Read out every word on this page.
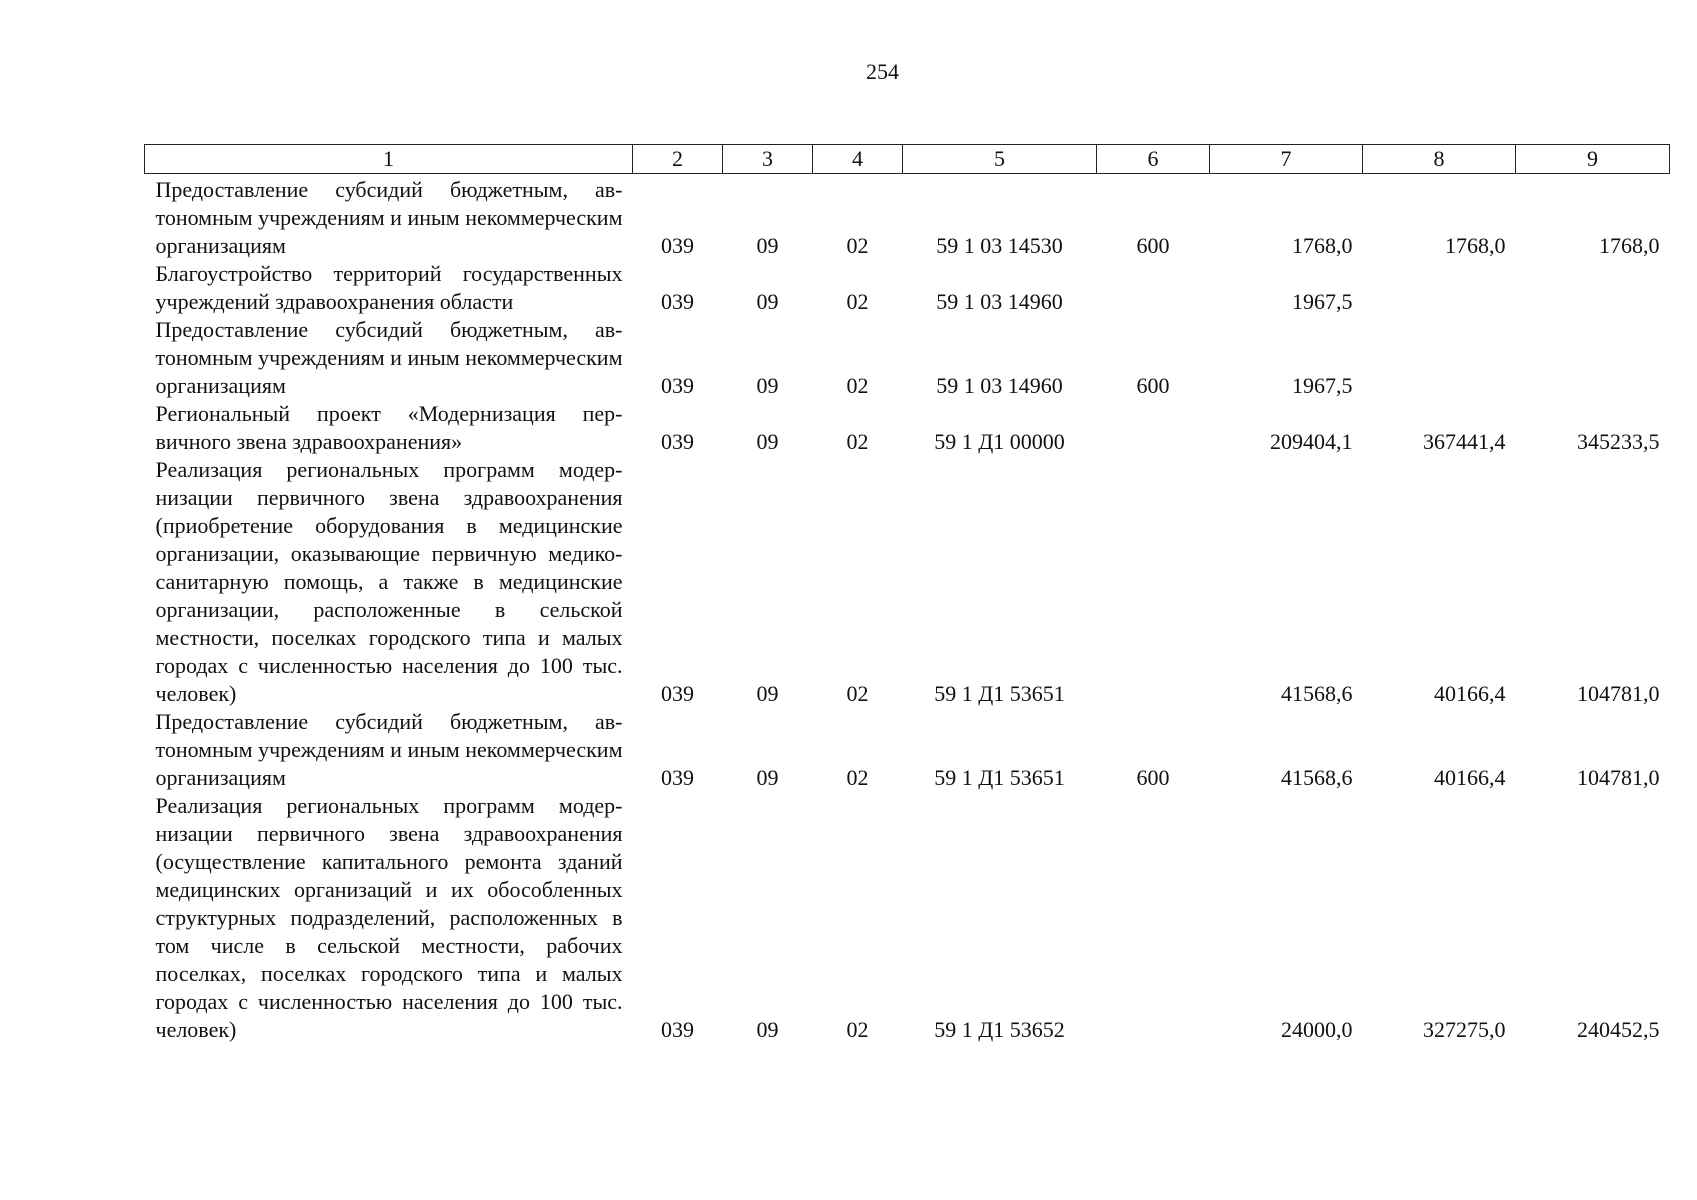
254
1	2	3	4	5	6	7	8	9
Предоставление субсидий бюджетным, автономным учреждениям и иным некоммерческим организациям	039	09	02	59 1 03 14530	600	1768,0	1768,0	1768,0
Благоустройство территорий государственных учреждений здравоохранения области	039	09	02	59 1 03 14960		1967,5		
Предоставление субсидий бюджетным, автономным учреждениям и иным некоммерческим организациям	039	09	02	59 1 03 14960	600	1967,5		
Региональный проект «Модернизация первичного звена здравоохранения»	039	09	02	59 1 Д1 00000		209404,1	367441,4	345233,5
Реализация региональных программ модернизации первичного звена здравоохранения (приобретение оборудования в медицинские организации, оказывающие первичную медико-санитарную помощь, а также в медицинские организации, расположенные в сельской местности, поселках городского типа и малых городах с численностью населения до 100 тыс. человек)	039	09	02	59 1 Д1 53651		41568,6	40166,4	104781,0
Предоставление субсидий бюджетным, автономным учреждениям и иным некоммерческим организациям	039	09	02	59 1 Д1 53651	600	41568,6	40166,4	104781,0
Реализация региональных программ модернизации первичного звена здравоохранения (осуществление капитального ремонта зданий медицинских организаций и их обособленных структурных подразделений, расположенных в том числе в сельской местности, рабочих поселках, поселках городского типа и малых городах с численностью населения до 100 тыс. человек)	039	09	02	59 1 Д1 53652		24000,0	327275,0	240452,5
